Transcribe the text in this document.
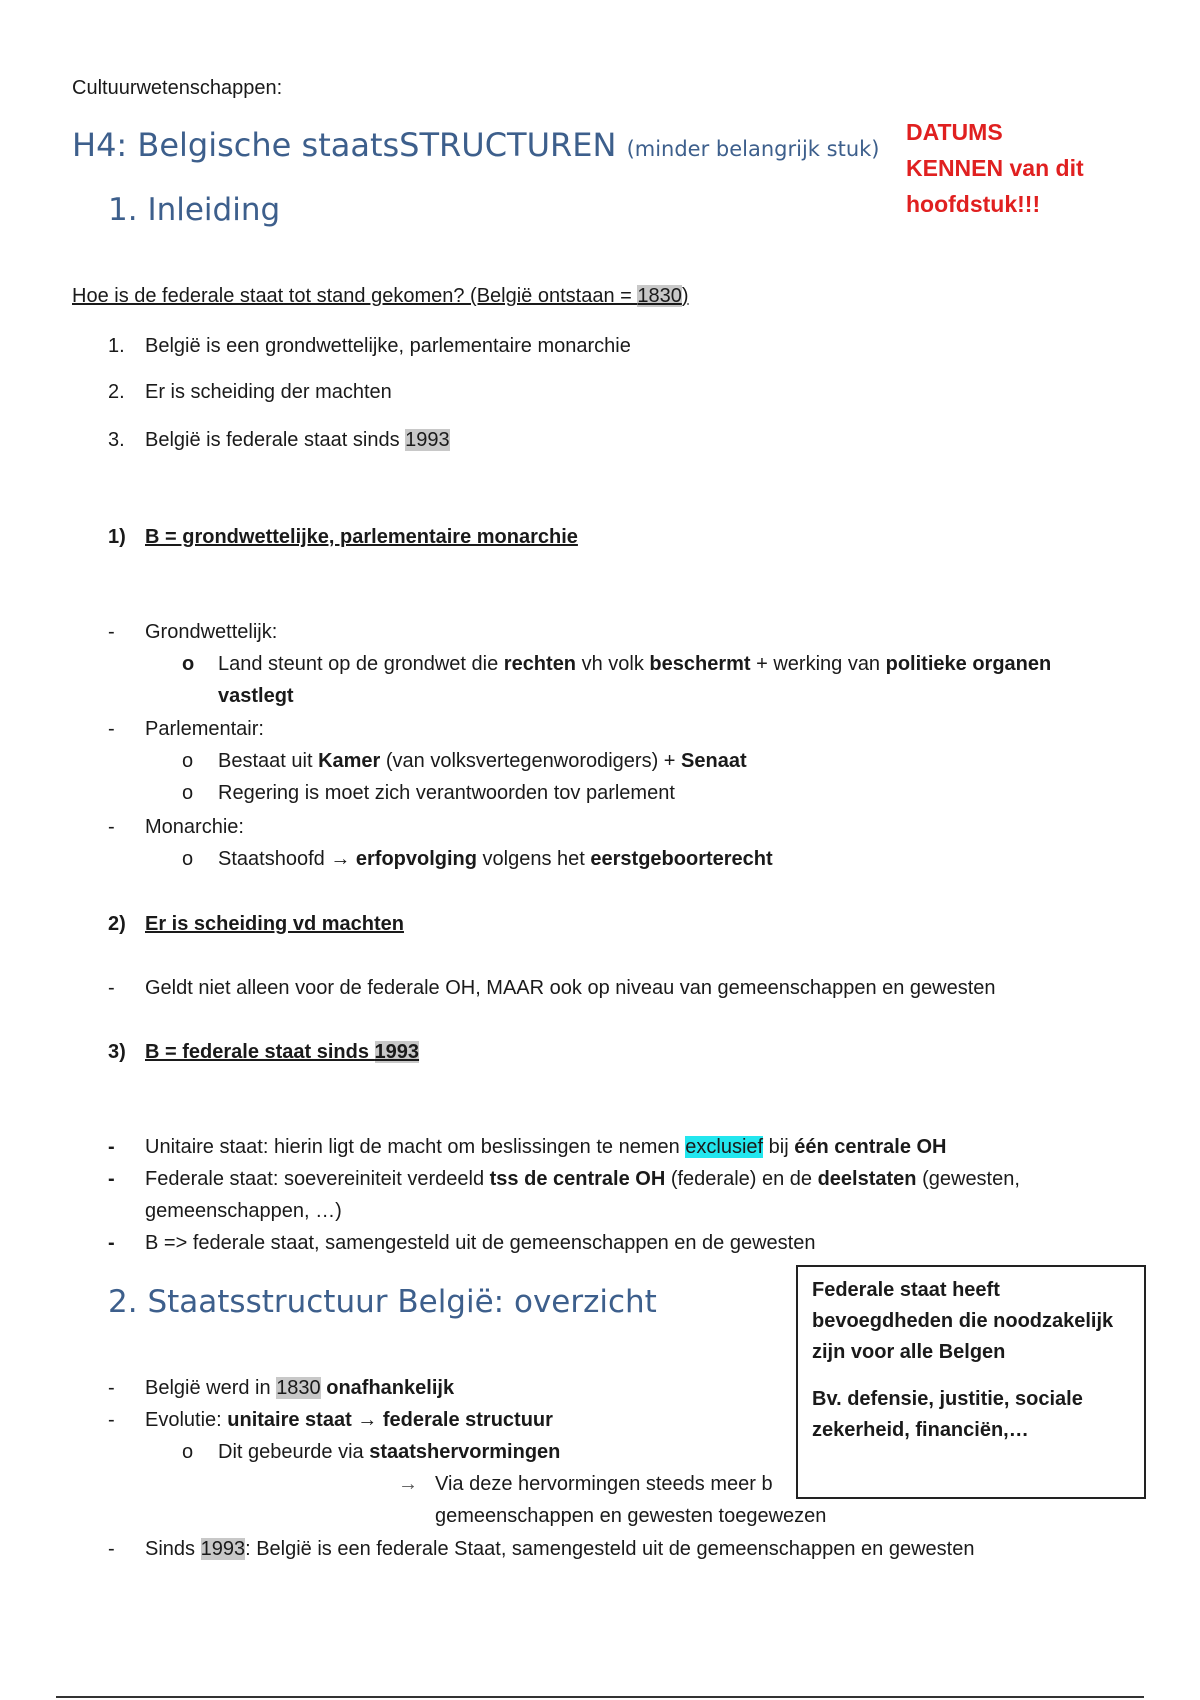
Cultuurwetenschappen:
H4: Belgische staatsSTRUCTUREN (minder belangrijk stuk)
DATUMS
KENNEN van dit
hoofdstuk!!!
1. Inleiding
Hoe is de federale staat tot stand gekomen? (België ontstaan = 1830)
1. België is een grondwettelijke, parlementaire monarchie
2. Er is scheiding der machten
3. België is federale staat sinds 1993
1) B = grondwettelijke, parlementaire monarchie
- Grondwettelijk:
o Land steunt op de grondwet die rechten vh volk beschermt + werking van politieke organen
vastlegt
- Parlementair:
o Bestaat uit Kamer (van volksvertegenworodigers) + Senaat
o Regering is moet zich verantwoorden tov parlement
- Monarchie:
o Staatshoofd → erfopvolging volgens het eerstgeboorterecht
2) Er is scheiding vd machten
- Geldt niet alleen voor de federale OH, MAAR ook op niveau van gemeenschappen en gewesten
3) B = federale staat sinds 1993
- Unitaire staat: hierin ligt de macht om beslissingen te nemen exclusief bij één centrale OH
- Federale staat: soevereiniteit verdeeld tss de centrale OH (federale) en de deelstaten (gewesten,
gemeenschappen, …)
- B => federale staat, samengesteld uit de gemeenschappen en de gewesten
2. Staatsstructuur België: overzicht
- België werd in 1830 onafhankelijk
- Evolutie: unitaire staat → federale structuur
o Dit gebeurde via staatshervormingen
→ Via deze hervormingen steeds meer b
gemeenschappen en gewesten toegewezen
- Sinds 1993: België is een federale Staat, samengesteld uit de gemeenschappen en gewesten
Federale staat heeft
bevoegdheden die noodzakelijk
zijn voor alle Belgen
Bv. defensie, justitie, sociale
zekerheid, financiën,…
